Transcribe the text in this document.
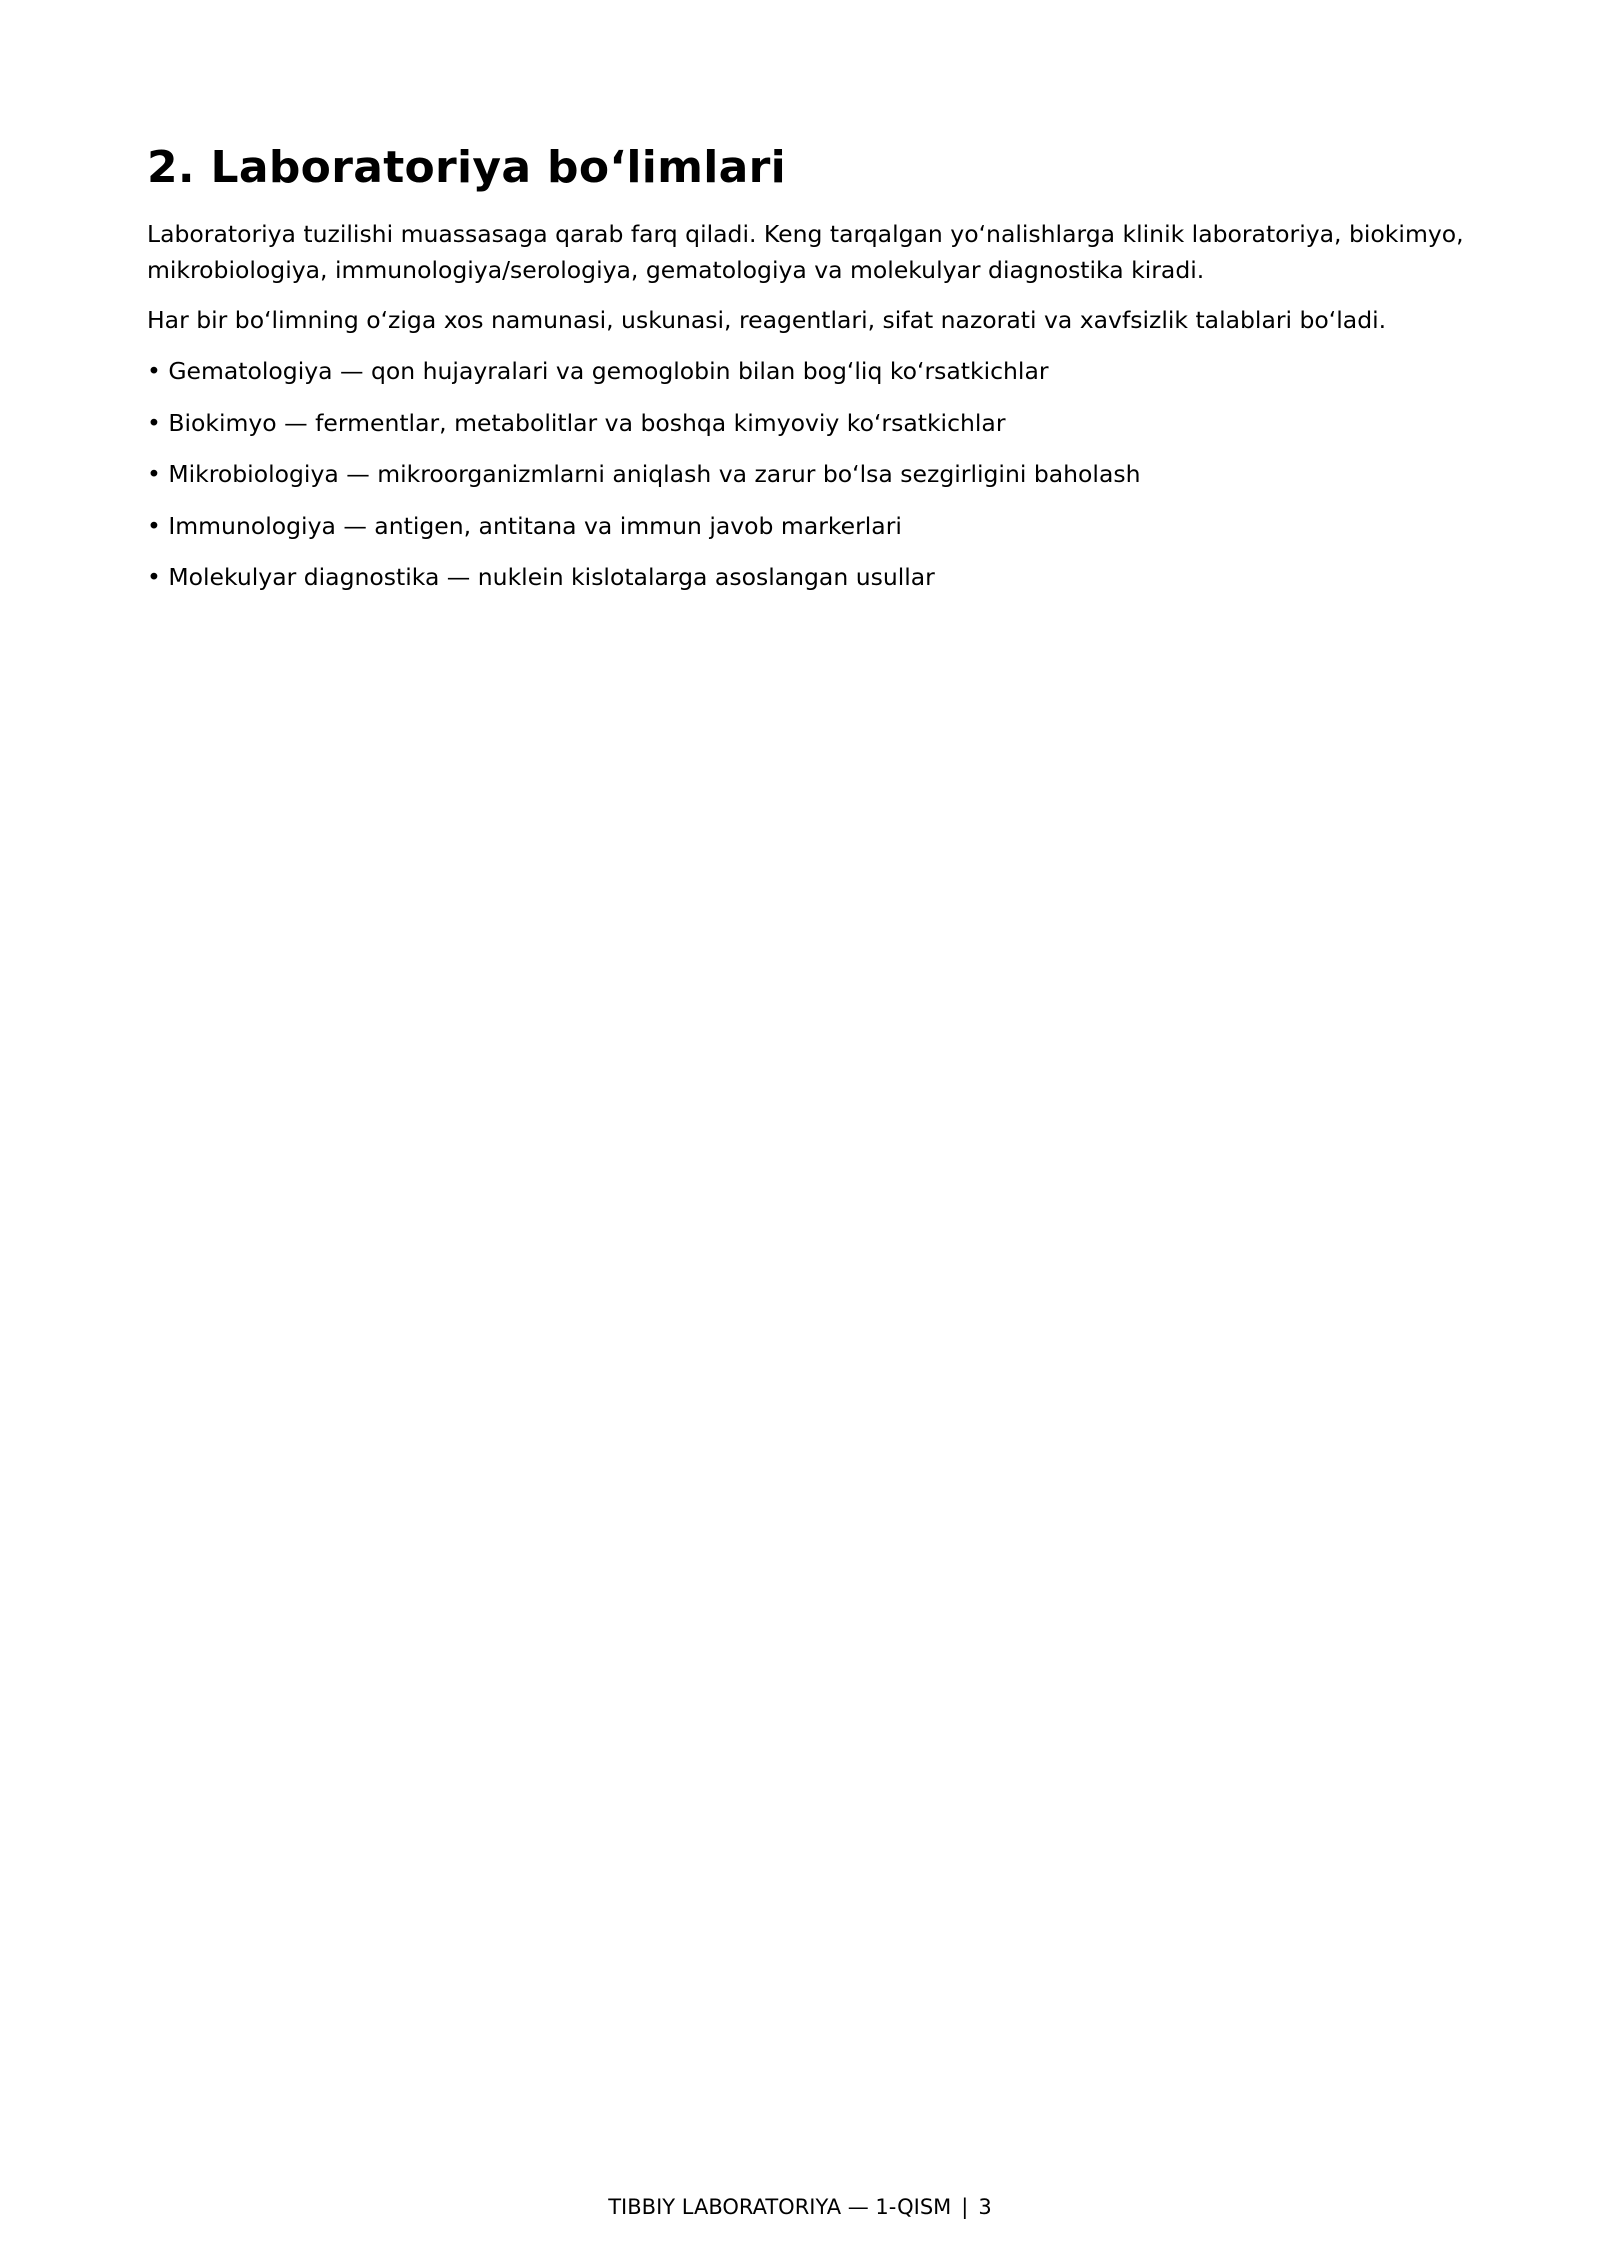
2. Laboratoriya bo‘limlari

Laboratoriya tuzilishi muassasaga qarab farq qiladi. Keng tarqalgan yo‘nalishlarga klinik laboratoriya, biokimyo, mikrobiologiya, immunologiya/serologiya, gematologiya va molekulyar diagnostika kiradi.

Har bir bo‘limning o‘ziga xos namunasi, uskunasi, reagentlari, sifat nazorati va xavfsizlik talablari bo‘ladi.

• Gematologiya — qon hujayralari va gemoglobin bilan bog‘liq ko‘rsatkichlar
• Biokimyo — fermentlar, metabolitlar va boshqa kimyoviy ko‘rsatkichlar
• Mikrobiologiya — mikroorganizmlarni aniqlash va zarur bo‘lsa sezgirligini baholash
• Immunologiya — antigen, antitana va immun javob markerlari
• Molekulyar diagnostika — nuklein kislotalarga asoslangan usullar
TIBBIY LABORATORIYA — 1-QISM | 3
